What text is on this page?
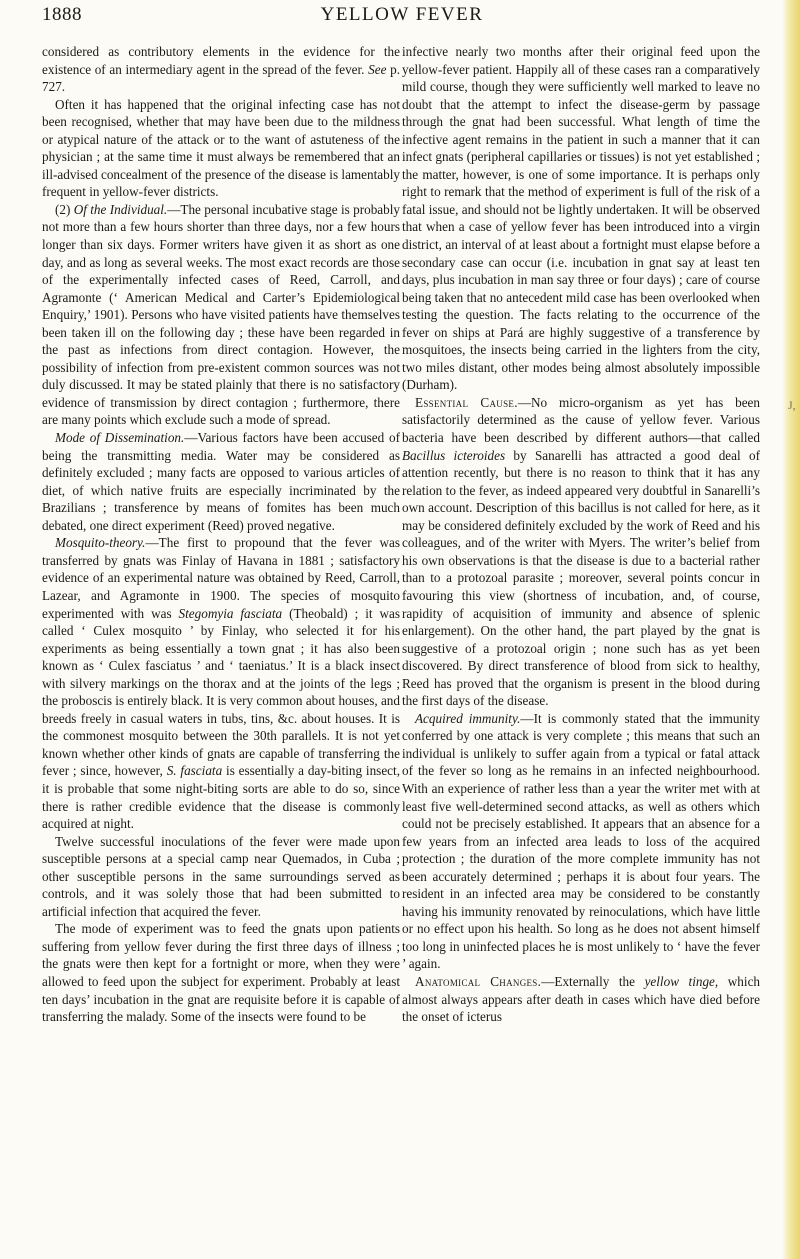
1888	YELLOW FEVER

considered as contributory elements in the evidence for the existence of an intermediary agent in the spread of the fever. See p. 727.

Often it has happened that the original infecting case has not been recognised, whether that may have been due to the mildness or atypical nature of the attack or to the want of astuteness of the physician ; at the same time it must always be remembered that an ill-advised concealment of the presence of the disease is lamentably frequent in yellow-fever districts.

(2) Of the Individual.—The personal incubative stage is probably not more than a few hours shorter than three days, nor a few hours longer than six days. Former writers have given it as short as one day, and as long as several weeks. The most exact records are those of the experimentally infected cases of Reed, Carroll, and Agramonte (‘ American Medical and Carter’s Epidemiological Enquiry,’ 1901). Persons who have visited patients have themselves been taken ill on the following day ; these have been regarded in the past as infections from direct contagion. However, the possibility of infection from pre-existent common sources was not duly discussed. It may be stated plainly that there is no satisfactory evidence of transmission by direct contagion ; furthermore, there are many points which exclude such a mode of spread.

Mode of Dissemination.—Various factors have been accused of being the transmitting media. Water may be considered as definitely excluded ; many facts are opposed to various articles of diet, of which native fruits are especially incriminated by the Brazilians ; transference by means of fomites has been much debated, one direct experiment (Reed) proved negative.

Mosquito-theory.—The first to propound that the fever was transferred by gnats was Finlay of Havana in 1881 ; satisfactory evidence of an experimental nature was obtained by Reed, Carroll, Lazear, and Agramonte in 1900. The species of mosquito experimented with was Stegomyia fasciata (Theobald) ; it was called ‘ Culex mosquito ’ by Finlay, who selected it for his experiments as being essentially a town gnat ; it has also been known as ‘ Culex fasciatus ’ and ‘ taeniatus.’ It is a black insect with silvery markings on the thorax and at the joints of the legs ; the proboscis is entirely black. It is very common about houses, and breeds freely in casual waters in tubs, tins, &c. about houses. It is the commonest mosquito between the 30th parallels. It is not yet known whether other kinds of gnats are capable of transferring the fever ; since, however, S. fasciata is essentially a day-biting insect, it is probable that some night-biting sorts are able to do so, since there is rather credible evidence that the disease is commonly acquired at night.

Twelve successful inoculations of the fever were made upon susceptible persons at a special camp near Quemados, in Cuba ; other susceptible persons in the same surroundings served as controls, and it was solely those that had been submitted to artificial infection that acquired the fever.

The mode of experiment was to feed the gnats upon patients suffering from yellow fever during the first three days of illness ; the gnats were then kept for a fortnight or more, when they were allowed to feed upon the subject for experiment. Probably at least ten days’ incubation in the gnat are requisite before it is capable of transferring the malady. Some of the insects were found to be

infective nearly two months after their original feed upon the yellow-fever patient. Happily all of these cases ran a comparatively mild course, though they were sufficiently well marked to leave no doubt that the attempt to infect the disease-germ by passage through the gnat had been successful. What length of time the infective agent remains in the patient in such a manner that it can infect gnats (peripheral capillaries or tissues) is not yet established ; the matter, however, is one of some importance. It is perhaps only right to remark that the method of experiment is full of the risk of a fatal issue, and should not be lightly undertaken. It will be observed that when a case of yellow fever has been introduced into a virgin district, an interval of at least about a fortnight must elapse before a secondary case can occur (i.e. incubation in gnat say at least ten days, plus incubation in man say three or four days) ; care of course being taken that no antecedent mild case has been overlooked when testing the question. The facts relating to the occurrence of the fever on ships at Pará are highly suggestive of a transference by mosquitoes, the insects being carried in the lighters from the city, two miles distant, other modes being almost absolutely impossible (Durham).

Essential Cause.—No micro-organism as yet has been satisfactorily determined as the cause of yellow fever. Various bacteria have been described by different authors—that called Bacillus icteroides by Sanarelli has attracted a good deal of attention recently, but there is no reason to think that it has any relation to the fever, as indeed appeared very doubtful in Sanarelli’s own account. Description of this bacillus is not called for here, as it may be considered definitely excluded by the work of Reed and his colleagues, and of the writer with Myers. The writer’s belief from his own observations is that the disease is due to a bacterial rather than to a protozoal parasite ; moreover, several points concur in favouring this view (shortness of incubation, and, of course, rapidity of acquisition of immunity and absence of splenic enlargement). On the other hand, the part played by the gnat is suggestive of a protozoal origin ; none such has as yet been discovered. By direct transference of blood from sick to healthy, Reed has proved that the organism is present in the blood during the first days of the disease.

Acquired immunity.—It is commonly stated that the immunity conferred by one attack is very complete ; this means that such an individual is unlikely to suffer again from a typical or fatal attack of the fever so long as he remains in an infected neighbourhood. With an experience of rather less than a year the writer met with at least five well-determined second attacks, as well as others which could not be precisely established. It appears that an absence for a few years from an infected area leads to loss of the acquired protection ; the duration of the more complete immunity has not been accurately determined ; perhaps it is about four years. The resident in an infected area may be considered to be constantly having his immunity renovated by reinoculations, which have little or no effect upon his health. So long as he does not absent himself too long in uninfected places he is most unlikely to ‘ have the fever ’ again.

Anatomical Changes.—Externally the yellow tinge, which almost always appears after death in cases which have died before the onset of icterus

J,
